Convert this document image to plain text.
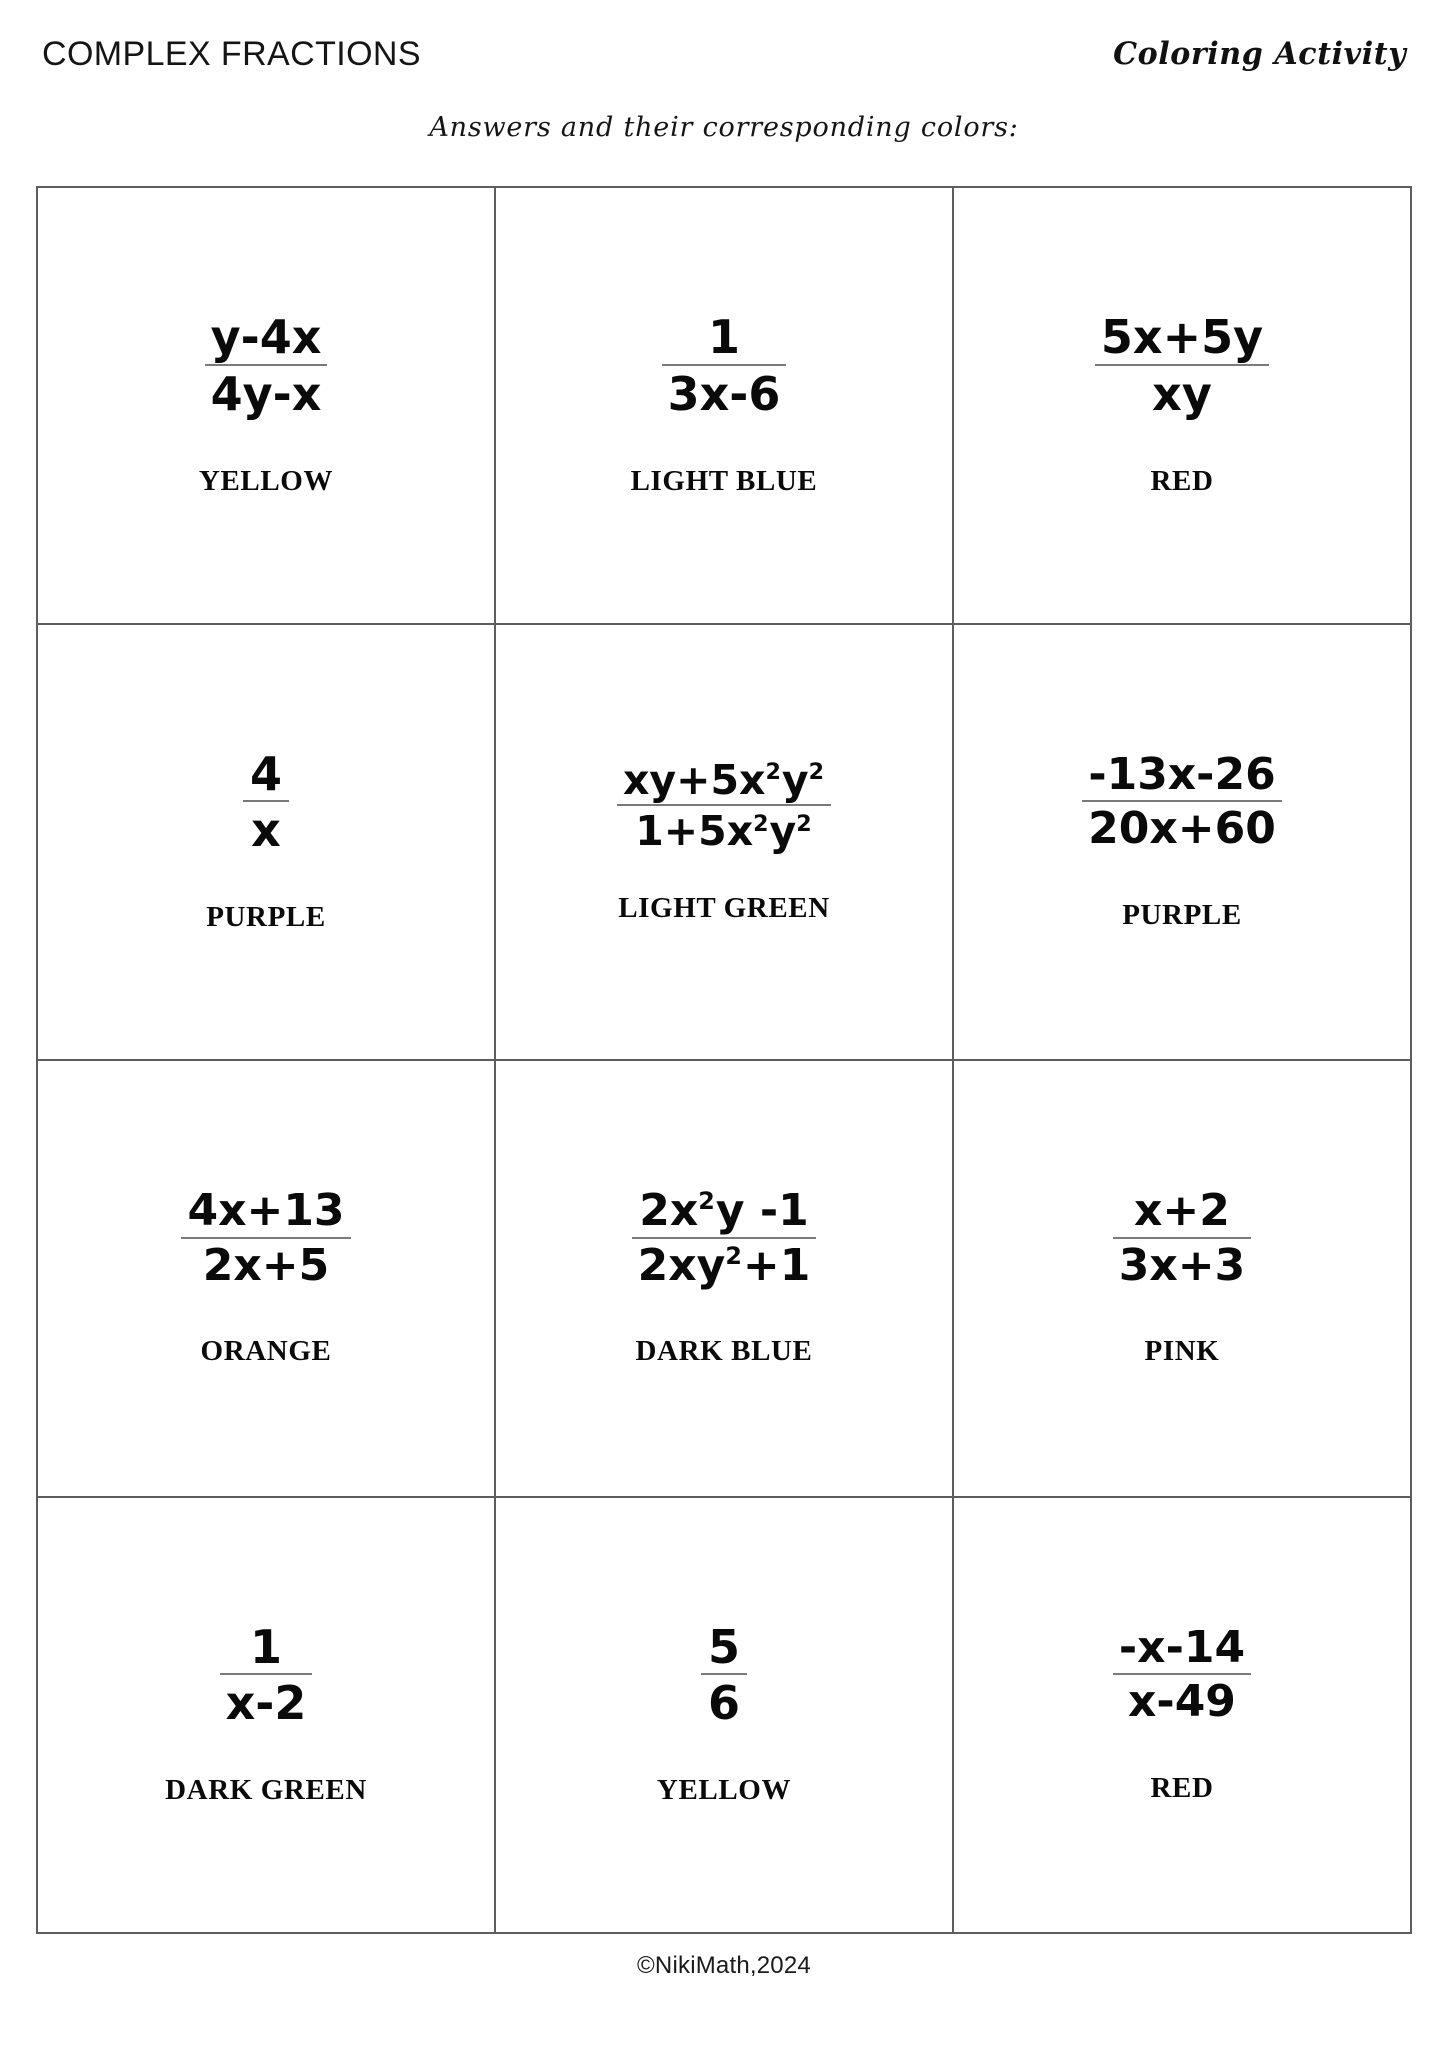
COMPLEX FRACTIONS	Coloring Activity
Answers and their corresponding colors:
$\frac{y-4x}{4y-x}$
YELLOW
$\frac{1}{3x-6}$
LIGHT BLUE
$\frac{5x+5y}{xy}$
RED
$\frac{4}{x}$
PURPLE
$\frac{xy+5x^2y^2}{1+5x^2y^2}$
LIGHT GREEN
$\frac{-13x-26}{20x+60}$
PURPLE
$\frac{4x+13}{2x+5}$
ORANGE
$\frac{2x^2y -1}{2xy^2+1}$
DARK BLUE
$\frac{x+2}{3x+3}$
PINK
$\frac{1}{x-2}$
DARK GREEN
$\frac{5}{6}$
YELLOW
$\frac{-x-14}{x-49}$
RED
©NikiMath,2024
